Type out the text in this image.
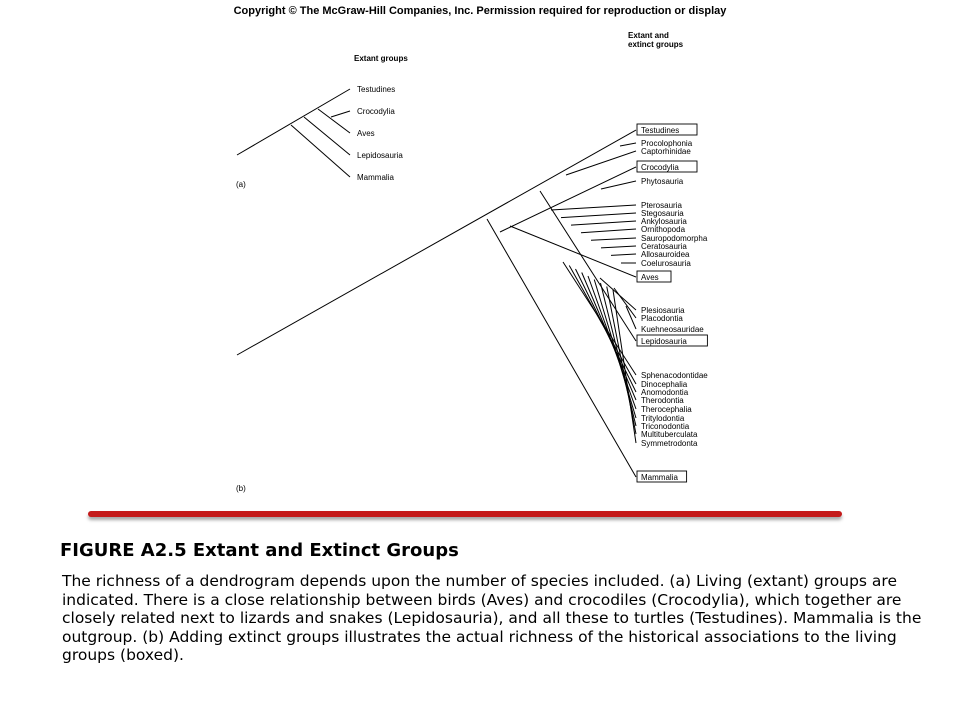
Copyright © The McGraw-Hill Companies, Inc. Permission required for reproduction or display
Extant groups
(a)
Testudines
Crocodylia
Aves
Lepidosauria
Mammalia
Extant and
extinct groups
(b)
Testudines
Procolophonia
Captorhinidae
Crocodylia
Phytosauria
Pterosauria
Stegosauria
Ankylosauria
Ornithopoda
Sauropodomorpha
Ceratosauria
Allosauroidea
Coelurosauria
Aves
Plesiosauria
Placodontia
Kuehneosauridae
Lepidosauria
Sphenacodontidae
Dinocephalia
Anomodontia
Therodontia
Therocephalia
Tritylodontia
Triconodontia
Multituberculata
Symmetrodonta
Mammalia
FIGURE A2.5 Extant and Extinct Groups

The richness of a dendrogram depends upon the number of species included. (a) Living (extant) groups are indicated. There is a close relationship between birds (Aves) and crocodiles (Crocodylia), which together are closely related next to lizards and snakes (Lepidosauria), and all these to turtles (Testudines). Mammalia is the outgroup. (b) Adding extinct groups illustrates the actual richness of the historical associations to the living groups (boxed).
